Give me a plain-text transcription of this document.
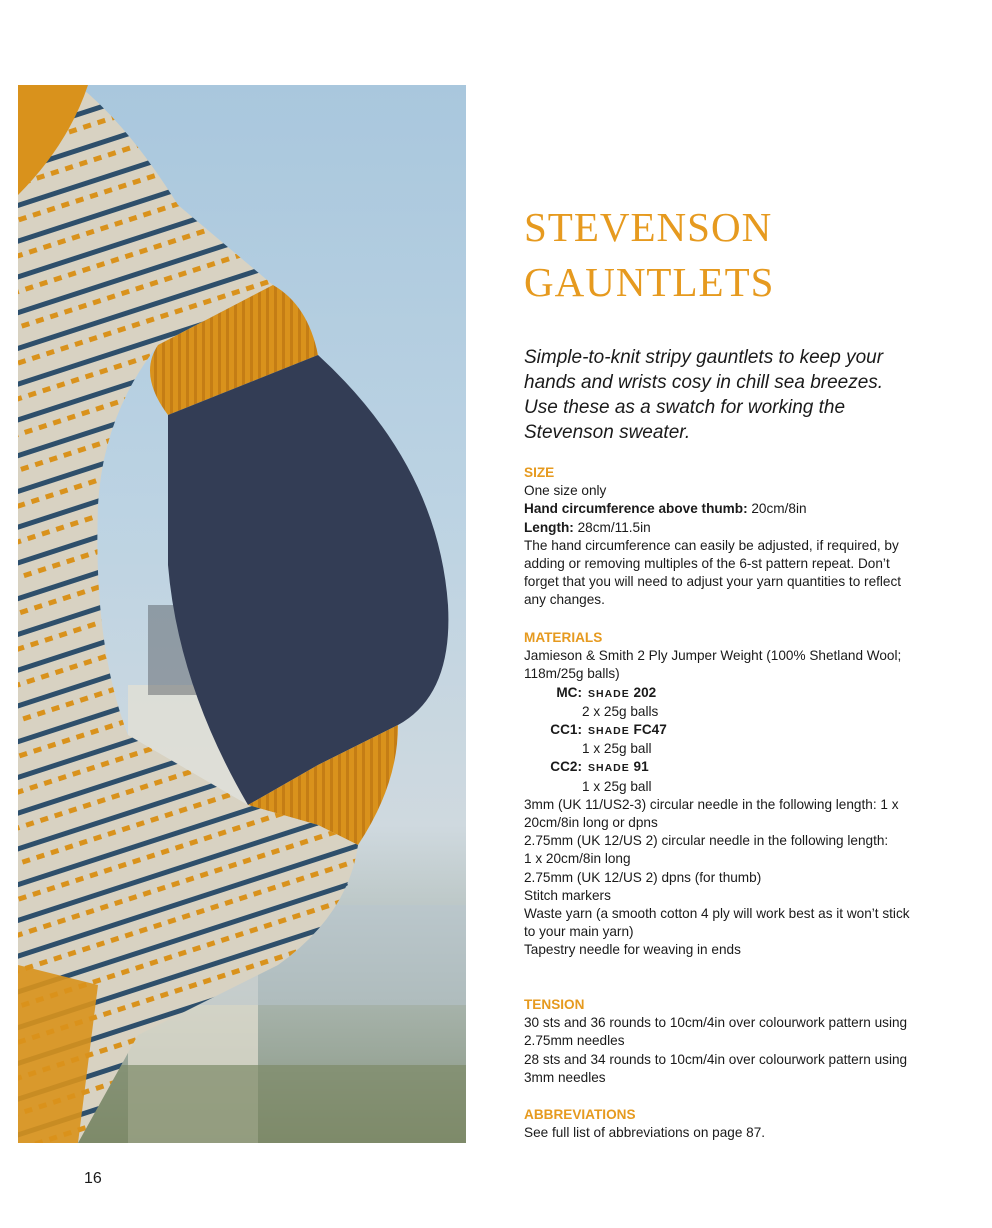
STEVENSON
GAUNTLETS

Simple-to-knit stripy gauntlets to keep your hands and wrists cosy in chill sea breezes. Use these as a swatch for working the Stevenson sweater.

SIZE

One size only

Hand circumference above thumb: 20cm/8in

Length: 28cm/11.5in

The hand circumference can easily be adjusted, if required, by adding or removing multiples of the 6-st pattern repeat. Don’t forget that you will need to adjust your yarn quantities to reflect any changes.

MATERIALS

Jamieson & Smith 2 Ply Jumper Weight (100% Shetland Wool; 118m/25g balls)

MC: SHADE 202

2 x 25g balls

CC1: SHADE FC47

1 x 25g ball

CC2: SHADE 91

1 x 25g ball

3mm (UK 11/US2-3) circular needle in the following length: 1 x 20cm/8in long or dpns

2.75mm (UK 12/US 2) circular needle in the following length:

1 x 20cm/8in long

2.75mm (UK 12/US 2) dpns (for thumb)

Stitch markers

Waste yarn (a smooth cotton 4 ply will work best as it won’t stick to your main yarn)

Tapestry needle for weaving in ends

TENSION

30 sts and 36 rounds to 10cm/4in over colourwork pattern using 2.75mm needles

28 sts and 34 rounds to 10cm/4in over colourwork pattern using 3mm needles

ABBREVIATIONS

See full list of abbreviations on page 87.

16
